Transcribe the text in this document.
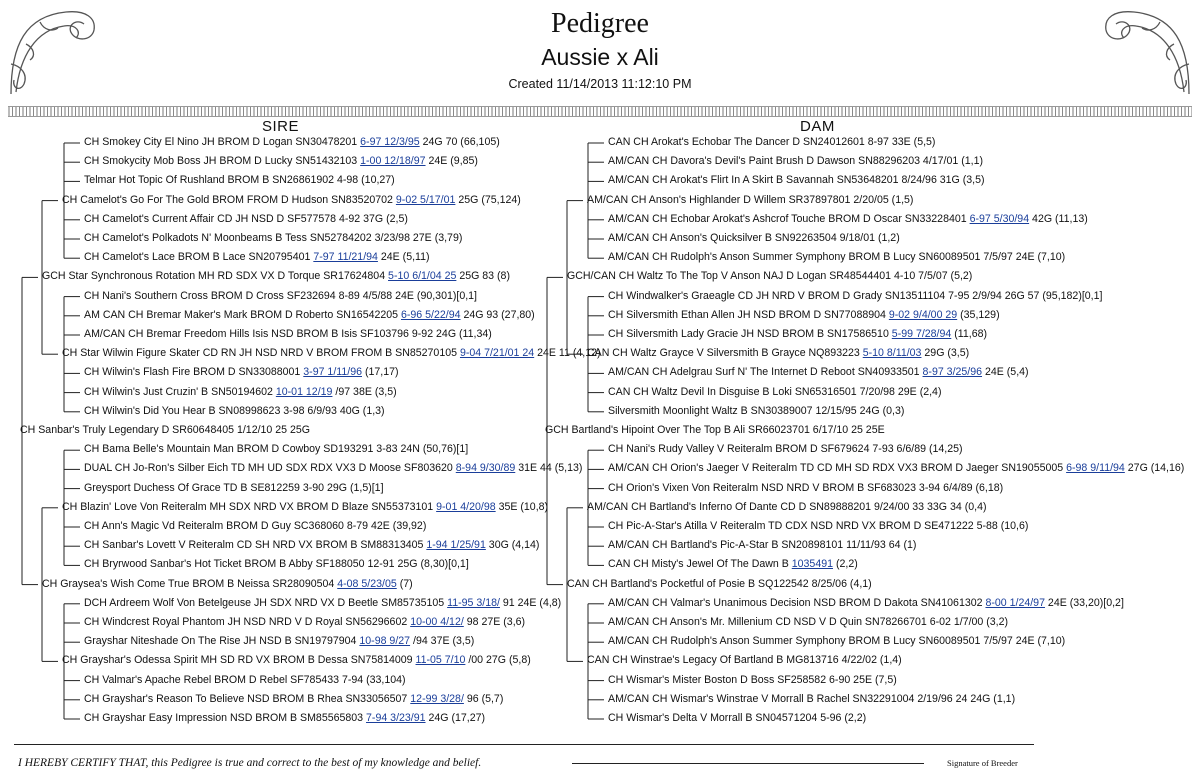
Pedigree
Aussie x Ali
Created 11/14/2013 11:12:10 PM
SIRE	DAM
CH Smokey City El Nino JH BROM D Logan SN30478201 6-97 12/3/95 24G 70 (66,105)
CH Smokycity Mob Boss JH BROM D Lucky SN51432103 1-00 12/18/97 24E (9,85)
Telmar Hot Topic Of Rushland BROM B SN26861902 4-98 (10,27)
CH Camelot's Go For The Gold BROM FROM D Hudson SN83520702 9-02 5/17/01 25G (75,124)
CH Camelot's Current Affair CD JH NSD D SF577578 4-92 37G (2,5)
CH Camelot's Polkadots N' Moonbeams B Tess SN52784202 3/23/98 27E (3,79)
CH Camelot's Lace BROM B Lace SN20795401 7-97 11/21/94 24E (5,11)
GCH Star Synchronous Rotation MH RD SDX VX D Torque SR17624804 5-10 6/1/04 25 25G 83 (8)
CH Nani's Southern Cross BROM D Cross SF232694 8-89 4/5/88 24E (90,301)[0,1]
AM CAN CH Bremar Maker's Mark BROM D Roberto SN16542205 6-96 5/22/94 24G 93 (27,80)
AM/CAN CH Bremar Freedom Hills Isis NSD BROM B Isis SF103796 9-92 24G (11,34)
CH Star Wilwin Figure Skater CD RN JH NSD NRD V BROM FROM B SN85270105 9-04 7/21/01 24 24E 11 (4,12)
CH Wilwin's Flash Fire BROM D SN33088001 3-97 1/11/96 (17,17)
CH Wilwin's Just Cruzin' B SN50194602 10-01 12/19 /97 38E (3,5)
CH Wilwin's Did You Hear B SN08998623 3-98 6/9/93 40G (1,3)
CH Sanbar's Truly Legendary D SR60648405 1/12/10 25 25G
CH Bama Belle's Mountain Man BROM D Cowboy SD193291 3-83 24N (50,76)[1]
DUAL CH Jo-Ron's Silber Eich TD MH UD SDX RDX VX3 D Moose SF803620 8-94 9/30/89 31E 44 (5,13)
Greysport Duchess Of Grace TD B SE812259 3-90 29G (1,5)[1]
CH Blazin' Love Von Reiteralm MH SDX NRD VX BROM D Blaze SN55373101 9-01 4/20/98 35E (10,8)
CH Ann's Magic Vd Reiteralm BROM D Guy SC368060 8-79 42E (39,92)
CH Sanbar's Lovett V Reiteralm CD SH NRD VX BROM B SM88313405 1-94 1/25/91 30G (4,14)
CH Bryrwood Sanbar's Hot Ticket BROM B Abby SF188050 12-91 25G (8,30)[0,1]
CH Graysea's Wish Come True BROM B Neissa SR28090504 4-08 5/23/05 (7)
DCH Ardreem Wolf Von Betelgeuse JH SDX NRD VX D Beetle SM85735105 11-95 3/18/ 91 24E (4,8)
CH Windcrest Royal Phantom JH NSD NRD V D Royal SN56296602 10-00 4/12/ 98 27E (3,6)
Grayshar Niteshade On The Rise JH NSD B SN19797904 10-98 9/27 /94 37E (3,5)
CH Grayshar's Odessa Spirit MH SD RD VX BROM B Dessa SN75814009 11-05 7/10 /00 27G (5,8)
CH Valmar's Apache Rebel BROM D Rebel SF785433 7-94 (33,104)
CH Grayshar's Reason To Believe NSD BROM B Rhea SN33056507 12-99 3/28/ 96 (5,7)
CH Grayshar Easy Impression NSD BROM B SM85565803 7-94 3/23/91 24G (17,27)
CAN CH Arokat's Echobar The Dancer D SN24012601 8-97 33E (5,5)
AM/CAN CH Davora's Devil's Paint Brush D Dawson SN88296203 4/17/01 (1,1)
AM/CAN CH Arokat's Flirt In A Skirt B Savannah SN53648201 8/24/96 31G (3,5)
AM/CAN CH Anson's Highlander D Willem SR37897801 2/20/05 (1,5)
AM/CAN CH Echobar Arokat's Ashcrof Touche BROM D Oscar SN33228401 6-97 5/30/94 42G (11,13)
AM/CAN CH Anson's Quicksilver B SN92263504 9/18/01 (1,2)
AM/CAN CH Rudolph's Anson Summer Symphony BROM B Lucy SN60089501 7/5/97 24E (7,10)
GCH/CAN CH Waltz To The Top V Anson NAJ D Logan SR48544401 4-10 7/5/07 (5,2)
CH Windwalker's Graeagle CD JH NRD V BROM D Grady SN13511104 7-95 2/9/94 26G 57 (95,182)[0,1]
CH Silversmith Ethan Allen JH NSD BROM D SN77088904 9-02 9/4/00 29 (35,129)
CH Silversmith Lady Gracie JH NSD BROM B SN17586510 5-99 7/28/94 (11,68)
CAN CH Waltz Grayce V Silversmith B Grayce NQ893223 5-10 8/11/03 29G (3,5)
AM/CAN CH Adelgrau Surf N' The Internet D Reboot SN40933501 8-97 3/25/96 24E (5,4)
CAN CH Waltz Devil In Disguise B Loki SN65316501 7/20/98 29E (2,4)
Silversmith Moonlight Waltz B SN30389007 12/15/95 24G (0,3)
GCH Bartland's Hipoint Over The Top B Ali SR66023701 6/17/10 25 25E
CH Nani's Rudy Valley V Reiteralm BROM D SF679624 7-93 6/6/89 (14,25)
AM/CAN CH Orion's Jaeger V Reiteralm TD CD MH SD RDX VX3 BROM D Jaeger SN19055005 6-98 9/11/94 27G (14,16)
CH Orion's Vixen Von Reiteralm NSD NRD V BROM B SF683023 3-94 6/4/89 (6,18)
AM/CAN CH Bartland's Inferno Of Dante CD D SN89888201 9/24/00 33 33G 34 (0,4)
CH Pic-A-Star's Atilla V Reiteralm TD CDX NSD NRD VX BROM D SE471222 5-88 (10,6)
AM/CAN CH Bartland's Pic-A-Star B SN20898101 11/11/93 64 (1)
CAN CH Misty's Jewel Of The Dawn B 1035491 (2,2)
CAN CH Bartland's Pocketful of Posie B SQ122542 8/25/06 (4,1)
AM/CAN CH Valmar's Unanimous Decision NSD BROM D Dakota SN41061302 8-00 1/24/97 24E (33,20)[0,2]
AM/CAN CH Anson's Mr. Millenium CD NSD V D Quin SN78266701 6-02 1/7/00 (3,2)
AM/CAN CH Rudolph's Anson Summer Symphony BROM B Lucy SN60089501 7/5/97 24E (7,10)
CAN CH Winstrae's Legacy Of Bartland B MG813716 4/22/02 (1,4)
CH Wismar's Mister Boston D Boss SF258582 6-90 25E (7,5)
AM/CAN CH Wismar's Winstrae V Morrall B Rachel SN32291004 2/19/96 24 24G (1,1)
CH Wismar's Delta V Morrall B SN04571204 5-96 (2,2)
I HEREBY CERTIFY THAT, this Pedigree is true and correct to the best of my knowledge and belief.	Signature of Breeder
